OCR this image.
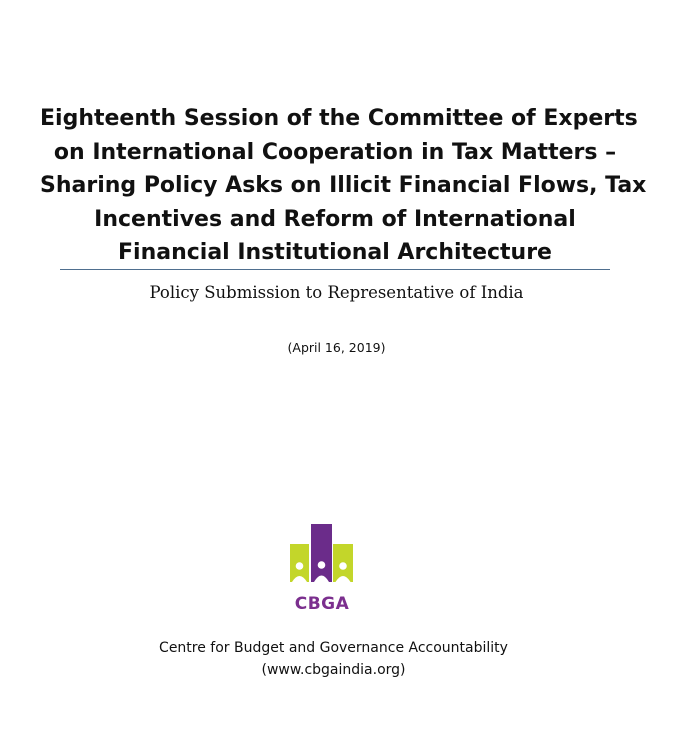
Eighteenth Session of the Committee of Experts
on International Cooperation in Tax Matters –
Sharing Policy Asks on Illicit Financial Flows, Tax
Incentives and Reform of International
Financial Institutional Architecture
Policy Submission to Representative of India
(April 16, 2019)
CBGA
Centre for Budget and Governance Accountability
(www.cbgaindia.org)
